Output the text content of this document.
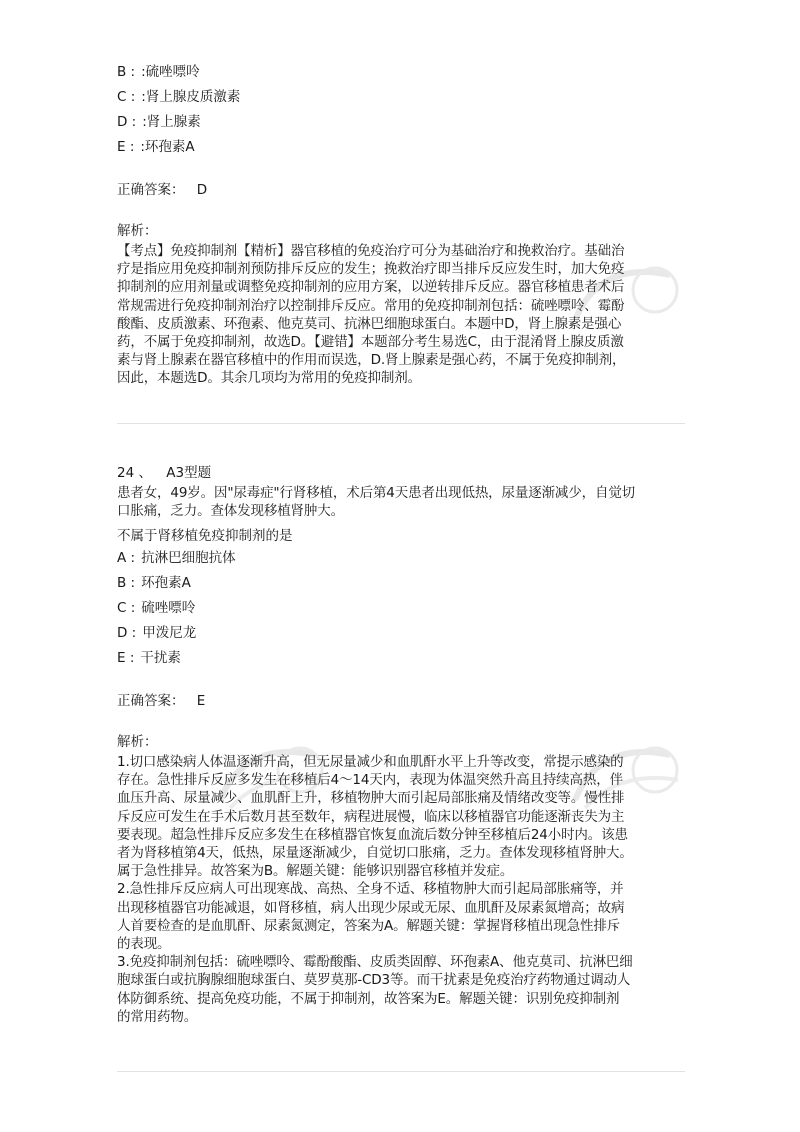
B : :硫唑嘌呤
C : :肾上腺皮质激素
D : :肾上腺素
E : :环孢素A
正确答案： D
解析：
【考点】免疫抑制剂【精析】器官移植的免疫治疗可分为基础治疗和挽救治疗。基础治
疗是指应用免疫抑制剂预防排斥反应的发生；挽救治疗即当排斥反应发生时，加大免疫
抑制剂的应用剂量或调整免疫抑制剂的应用方案，以逆转排斥反应。器官移植患者术后
常规需进行免疫抑制剂治疗以控制排斥反应。常用的免疫抑制剂包括：硫唑嘌呤、霉酚
酸酯、皮质激素、环孢素、他克莫司、抗淋巴细胞球蛋白。本题中D，肾上腺素是强心
药，不属于免疫抑制剂，故选D。【避错】本题部分考生易选C，由于混淆肾上腺皮质激
素与肾上腺素在器官移植中的作用而误选，D.肾上腺素是强心药，不属于免疫抑制剂，
因此，本题选D。其余几项均为常用的免疫抑制剂。
24 、 A3型题
患者女，49岁。因"尿毒症"行肾移植，术后第4天患者出现低热，尿量逐渐减少，自觉切
口胀痛，乏力。查体发现移植肾肿大。
不属于肾移植免疫抑制剂的是
A : 抗淋巴细胞抗体
B : 环孢素A
C : 硫唑嘌呤
D : 甲泼尼龙
E : 干扰素
正确答案： E
解析：
1.切口感染病人体温逐渐升高，但无尿量减少和血肌酐水平上升等改变，常提示感染的
存在。急性排斥反应多发生在移植后4～14天内，表现为体温突然升高且持续高热，伴
血压升高、尿量减少、血肌酐上升，移植物肿大而引起局部胀痛及情绪改变等。慢性排
斥反应可发生在手术后数月甚至数年，病程进展慢，临床以移植器官功能逐渐丧失为主
要表现。超急性排斥反应多发生在移植器官恢复血流后数分钟至移植后24小时内。该患
者为肾移植第4天，低热，尿量逐渐减少，自觉切口胀痛，乏力。查体发现移植肾肿大。
属于急性排异。故答案为B。解题关键：能够识别器官移植并发症。
2.急性排斥反应病人可出现寒战、高热、全身不适、移植物肿大而引起局部胀痛等，并
出现移植器官功能减退，如肾移植，病人出现少尿或无尿、血肌酐及尿素氮增高；故病
人首要检查的是血肌酐、尿素氮测定，答案为A。解题关键：掌握肾移植出现急性排斥
的表现。
3.免疫抑制剂包括：硫唑嘌呤、霉酚酸酯、皮质类固醇、环孢素A、他克莫司、抗淋巴细
胞球蛋白或抗胸腺细胞球蛋白、莫罗莫那-CD3等。而干扰素是免疫治疗药物通过调动人
体防御系统、提高免疫功能，不属于抑制剂，故答案为E。解题关键：识别免疫抑制剂
的常用药物。
